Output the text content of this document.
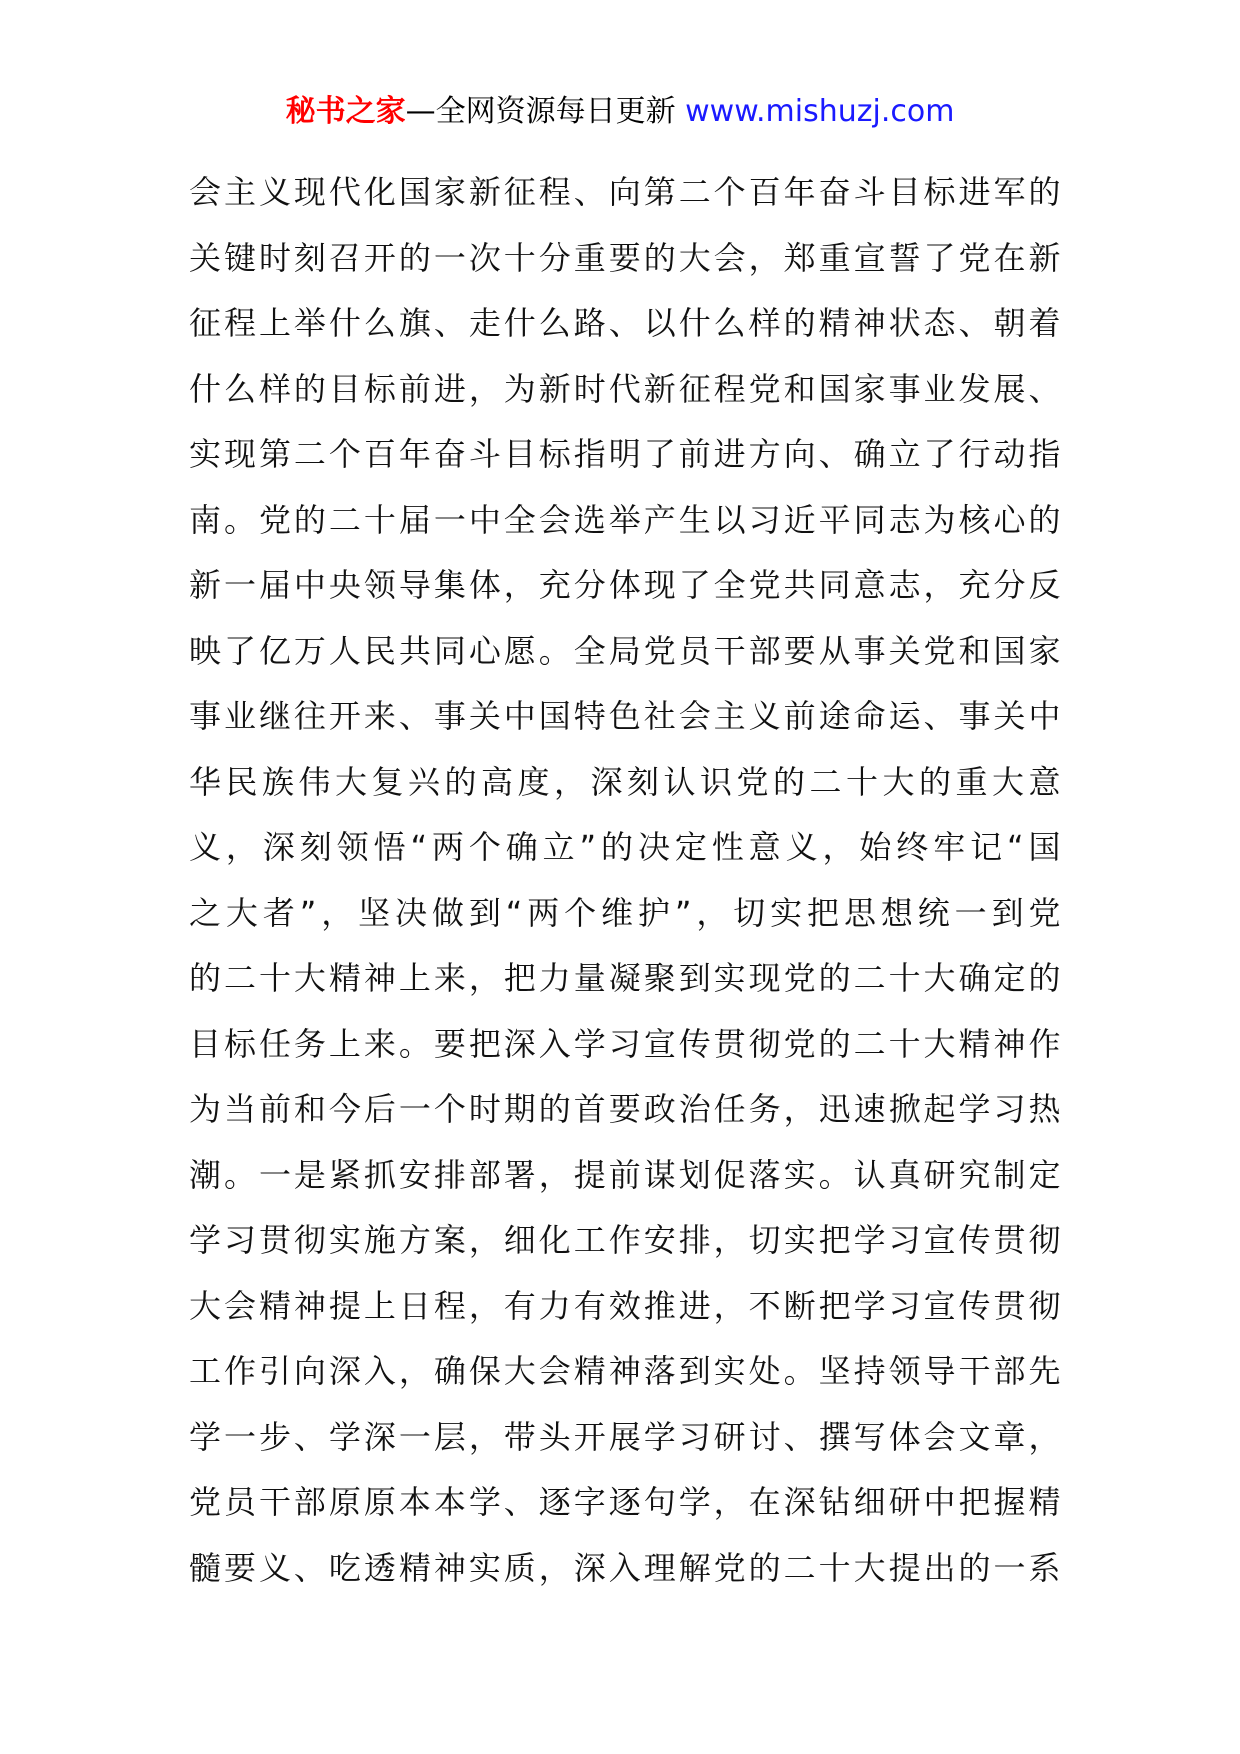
秘书之家—全网资源每日更新 www.mishuzj.com
会主义现代化国家新征程、向第二个百年奋斗目标进军的
关键时刻召开的一次十分重要的大会，郑重宣誓了党在新
征程上举什么旗、走什么路、以什么样的精神状态、朝着
什么样的目标前进，为新时代新征程党和国家事业发展、
实现第二个百年奋斗目标指明了前进方向、确立了行动指
南。党的二十届一中全会选举产生以习近平同志为核心的
新一届中央领导集体，充分体现了全党共同意志，充分反
映了亿万人民共同心愿。全局党员干部要从事关党和国家
事业继往开来、事关中国特色社会主义前途命运、事关中
华民族伟大复兴的高度，深刻认识党的二十大的重大意
义，深刻领悟“两个确立”的决定性意义，始终牢记“国
之大者”，坚决做到“两个维护”，切实把思想统一到党
的二十大精神上来，把力量凝聚到实现党的二十大确定的
目标任务上来。要把深入学习宣传贯彻党的二十大精神作
为当前和今后一个时期的首要政治任务，迅速掀起学习热
潮。一是紧抓安排部署，提前谋划促落实。认真研究制定
学习贯彻实施方案，细化工作安排，切实把学习宣传贯彻
大会精神提上日程，有力有效推进，不断把学习宣传贯彻
工作引向深入，确保大会精神落到实处。坚持领导干部先
学一步、学深一层，带头开展学习研讨、撰写体会文章，
党员干部原原本本学、逐字逐句学，在深钻细研中把握精
髓要义、吃透精神实质，深入理解党的二十大提出的一系
